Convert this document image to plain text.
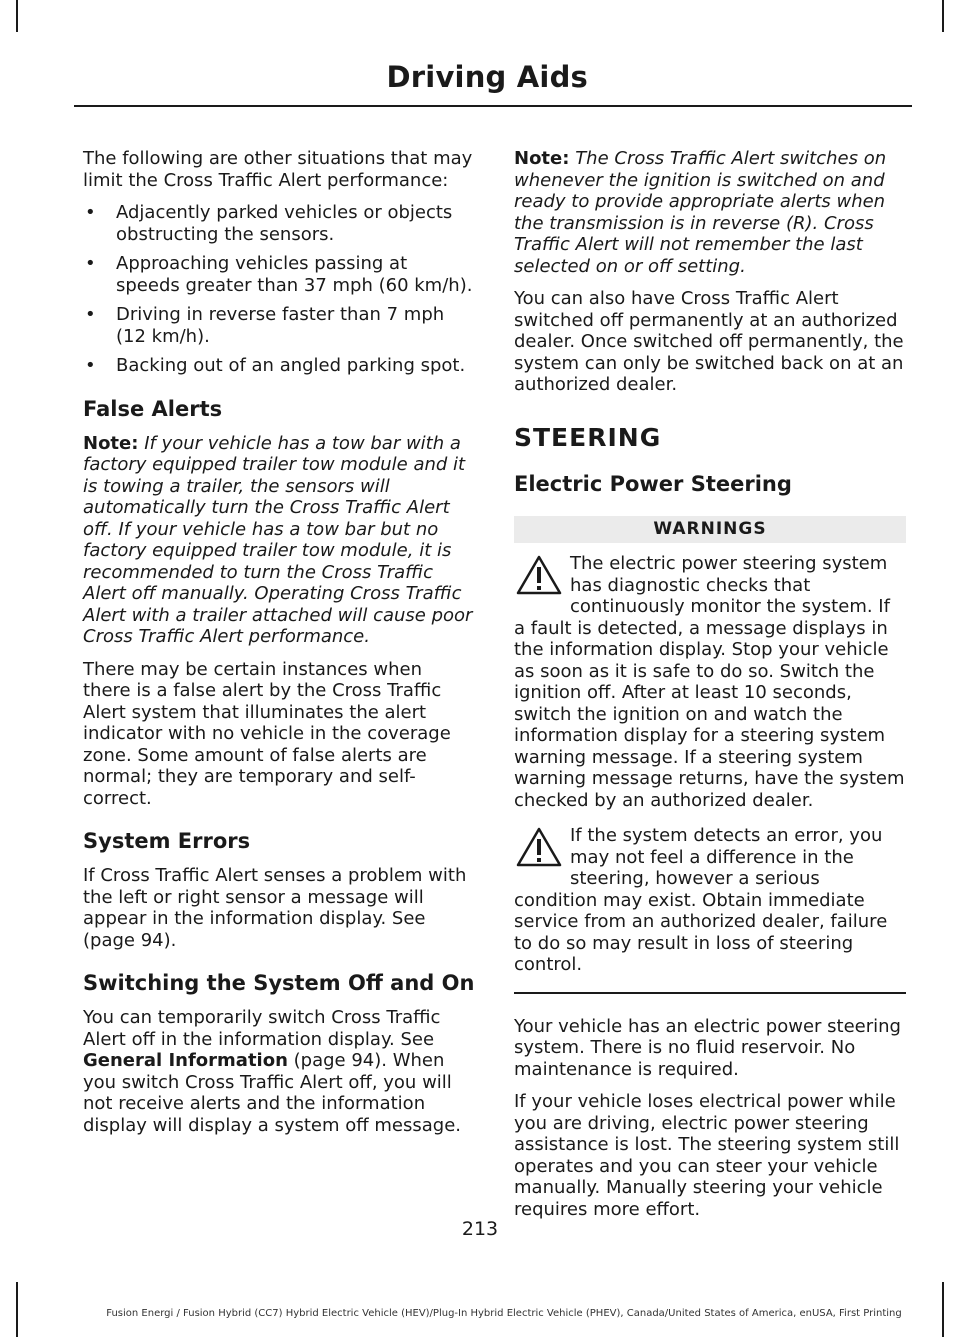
Driving Aids

The following are other situations that may limit the Cross Traffic Alert performance:

• Adjacently parked vehicles or objects obstructing the sensors.
• Approaching vehicles passing at speeds greater than 37 mph (60 km/h).
• Driving in reverse faster than 7 mph (12 km/h).
• Backing out of an angled parking spot.
False Alerts

Note: If your vehicle has a tow bar with a factory equipped trailer tow module and it is towing a trailer, the sensors will automatically turn the Cross Traffic Alert off. If your vehicle has a tow bar but no factory equipped trailer tow module, it is recommended to turn the Cross Traffic Alert off manually. Operating Cross Traffic Alert with a trailer attached will cause poor Cross Traffic Alert performance.

There may be certain instances when there is a false alert by the Cross Traffic Alert system that illuminates the alert indicator with no vehicle in the coverage zone. Some amount of false alerts are normal; they are temporary and self-correct.

System Errors

If Cross Traffic Alert senses a problem with the left or right sensor a message will appear in the information display. See (page 94).

Switching the System Off and On

You can temporarily switch Cross Traffic Alert off in the information display. See General Information (page 94). When you switch Cross Traffic Alert off, you will not receive alerts and the information display will display a system off message.

Note: The Cross Traffic Alert switches on whenever the ignition is switched on and ready to provide appropriate alerts when the transmission is in reverse (R). Cross Traffic Alert will not remember the last selected on or off setting.

You can also have Cross Traffic Alert switched off permanently at an authorized dealer. Once switched off permanently, the system can only be switched back on at an authorized dealer.

STEERING
Electric Power Steering
WARNINGS
The electric power steering system has diagnostic checks that continuously monitor the system. If a fault is detected, a message displays in the information display. Stop your vehicle as soon as it is safe to do so. Switch the ignition off. After at least 10 seconds, switch the ignition on and watch the information display for a steering system warning message. If a steering system warning message returns, have the system checked by an authorized dealer.
If the system detects an error, you may not feel a difference in the steering, however a serious condition may exist. Obtain immediate service from an authorized dealer, failure to do so may result in loss of steering control.

Your vehicle has an electric power steering system. There is no fluid reservoir. No maintenance is required.

If your vehicle loses electrical power while you are driving, electric power steering assistance is lost. The steering system still operates and you can steer your vehicle manually. Manually steering your vehicle requires more effort.

213
Fusion Energi / Fusion Hybrid (CC7) Hybrid Electric Vehicle (HEV)/Plug-In Hybrid Electric Vehicle (PHEV), Canada/United States of America, enUSA, First Printing
